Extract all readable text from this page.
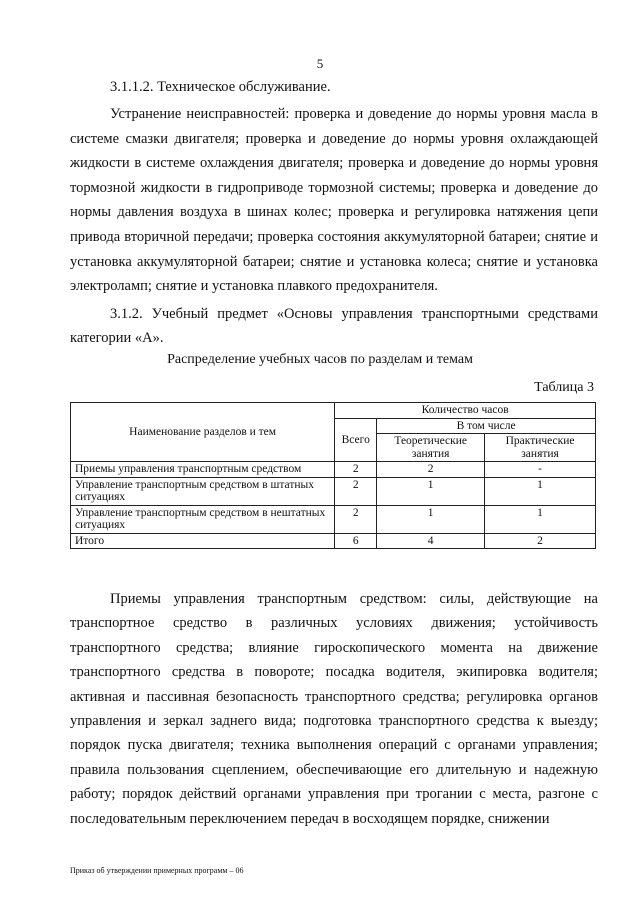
5
3.1.1.2. Техническое обслуживание.

Устранение неисправностей: проверка и доведение до нормы уровня масла в системе смазки двигателя; проверка и доведение до нормы уровня охлаждающей жидкости в системе охлаждения двигателя; проверка и доведение до нормы уровня тормозной жидкости в гидроприводе тормозной системы; проверка и доведение до нормы давления воздуха в шинах колес; проверка и регулировка натяжения цепи привода вторичной передачи; проверка состояния аккумуляторной батареи; снятие и установка аккумуляторной батареи; снятие и установка колеса; снятие и установка электроламп; снятие и установка плавкого предохранителя.

3.1.2. Учебный предмет «Основы управления транспортными средствами категории «А».

Распределение учебных часов по разделам и темам
Таблица 3
Наименование разделов и тем	Количество часов		
	Всего	В том числе	
		Теоретические занятия	Практические занятия
Приемы управления транспортным средством	2	2	-
Управление транспортным средством в штатных ситуациях	2	1	1
Управление транспортным средством в нештатных ситуациях	2	1	1
Итого	6	4	2

Приемы управления транспортным средством: силы, действующие на транспортное средство в различных условиях движения; устойчивость транспортного средства; влияние гироскопического момента на движение транспортного средства в повороте; посадка водителя, экипировка водителя; активная и пассивная безопасность транспортного средства; регулировка органов управления и зеркал заднего вида; подготовка транспортного средства к выезду; порядок пуска двигателя; техника выполнения операций с органами управления; правила пользования сцеплением, обеспечивающие его длительную и надежную работу; порядок действий органами управления при трогании с места, разгоне с последовательным переключением передач в восходящем порядке, снижении

Приказ об утверждении примерных программ – 06
